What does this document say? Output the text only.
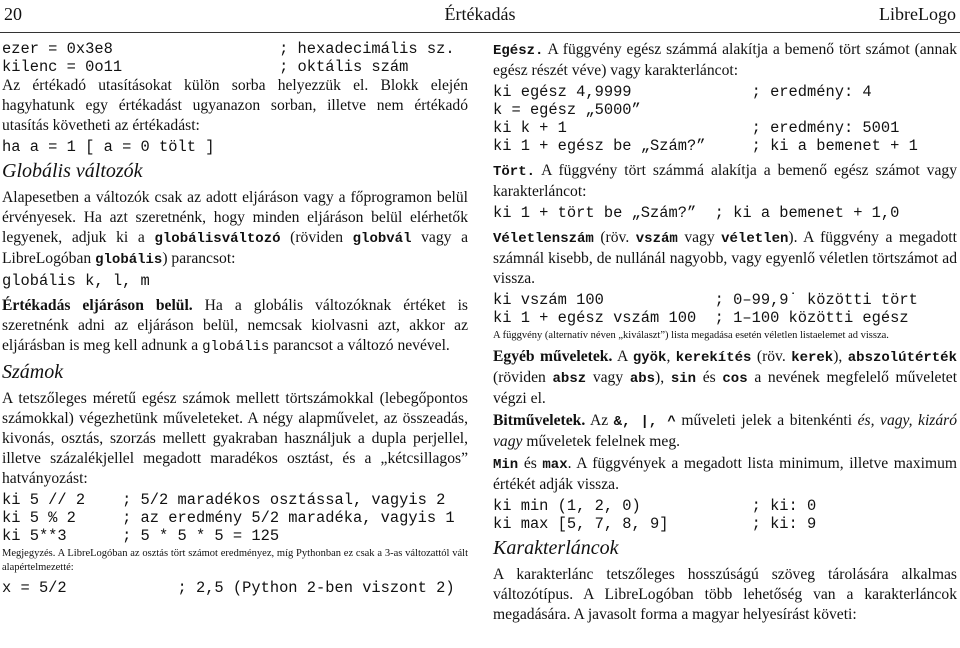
20	Értékadás	LibreLogo
ezer = 0x3e8                  ; hexadecimális sz.
kilenc = 0o11                 ; oktális szám

Az értékadó utasításokat külön sorba helyezzük el. Blokk elején hagyhatunk egy értékadást ugyanazon sorban, illetve nem értékadó utasítás követheti az értékadást:

ha a = 1 [ a = 0 tölt ]
Globális változók

Alapesetben a változók csak az adott eljáráson vagy a főprogramon belül érvényesek. Ha azt szeretnénk, hogy minden eljáráson belül elérhetők legyenek, adjuk ki a globálisváltozó (röviden globvál vagy a LibreLogóban globális) parancsot:

globális k, l, m

Értékadás eljáráson belül. Ha a globális változóknak értéket is szeretnénk adni az eljáráson belül, nemcsak kiolvasni azt, akkor az eljárásban is meg kell adnunk a globális parancsot a változó nevével.

Számok

A tetszőleges méretű egész számok mellett törtszámokkal (lebegőpontos számokkal) végezhetünk műveleteket. A négy alapművelet, az összeadás, kivonás, osztás, szorzás mellett gyakraban használjuk a dupla perjellel, illetve százalékjellel megadott maradékos osztást, és a „kétcsillagos” hatványozást:

ki 5 // 2    ; 5/2 maradékos osztással, vagyis 2
ki 5 % 2     ; az eredmény 5/2 maradéka, vagyis 1
ki 5**3      ; 5 * 5 * 5 = 125

Megjegyzés. A LibreLogóban az osztás tört számot eredményez, míg Pythonban ez csak a 3-as változattól vált alapértelmezetté:

x = 5/2            ; 2,5 (Python 2-ben viszont 2)

Egész. A függvény egész számmá alakítja a bemenő tört számot (annak egész részét véve) vagy karakterláncot:

ki egész 4,9999             ; eredmény: 4
k = egész „5000”
ki k + 1                    ; eredmény: 5001
ki 1 + egész be „Szám?”     ; ki a bemenet + 1

Tört. A függvény tört számmá alakítja a bemenő egész számot vagy karakterláncot:

ki 1 + tört be „Szám?”  ; ki a bemenet + 1,0

Véletlenszám (röv. vszám vagy véletlen). A függvény a megadott számnál kisebb, de nullánál nagyobb, vagy egyenlő véletlen törtszámot ad vissza.

ki vszám 100            ; 0–99,9˙ közötti tört
ki 1 + egész vszám 100  ; 1–100 közötti egész

A függvény (alternatív néven „kiválaszt”) lista megadása esetén véletlen listaelemet ad vissza.

Egyéb műveletek. A gyök, kerekítés (röv. kerek), abszolútérték (röviden absz vagy abs), sin és cos a nevének megfelelő műveletet végzi el.

Bitműveletek. Az &, |, ^ műveleti jelek a bitenkénti és, vagy, kizáró vagy műveletek felelnek meg.

Min és max. A függvények a megadott lista minimum, illetve maximum értékét adják vissza.

ki min (1, 2, 0)            ; ki: 0
ki max [5, 7, 8, 9]         ; ki: 9
Karakterláncok

A karakterlánc tetszőleges hosszúságú szöveg tárolására alkalmas változótípus. A LibreLogóban több lehetőség van a karakterláncok megadására. A javasolt forma a magyar helyesírást követi:
